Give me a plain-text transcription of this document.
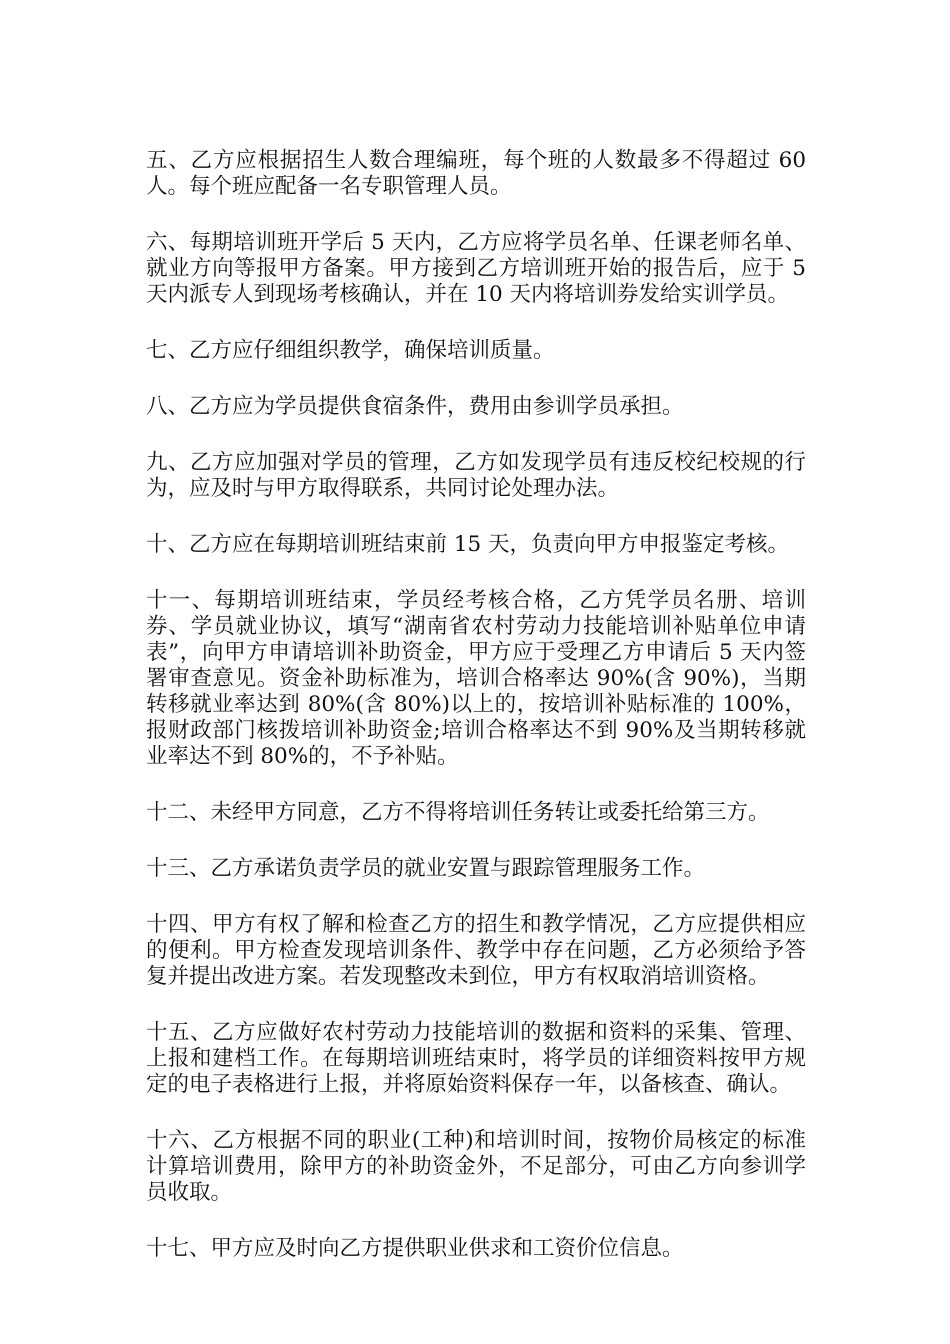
五、乙方应根据招生人数合理编班，每个班的人数最多不得超过 60 人。每个班应配备一名专职管理人员。

六、每期培训班开学后 5 天内，乙方应将学员名单、任课老师名单、就业方向等报甲方备案。甲方接到乙方培训班开始的报告后，应于 5 天内派专人到现场考核确认，并在 10 天内将培训券发给实训学员。

七、乙方应仔细组织教学，确保培训质量。

八、乙方应为学员提供食宿条件，费用由参训学员承担。

九、乙方应加强对学员的管理，乙方如发现学员有违反校纪校规的行为，应及时与甲方取得联系，共同讨论处理办法。

十、乙方应在每期培训班结束前 15 天，负责向甲方申报鉴定考核。

十一、每期培训班结束，学员经考核合格，乙方凭学员名册、培训券、学员就业协议，填写“湖南省农村劳动力技能培训补贴单位申请表”，向甲方申请培训补助资金，甲方应于受理乙方申请后 5 天内签署审查意见。资金补助标准为，培训合格率达 90%(含 90%)，当期转移就业率达到 80%(含 80%)以上的，按培训补贴标准的 100%，报财政部门核拨培训补助资金;培训合格率达不到 90%及当期转移就业率达不到 80%的，不予补贴。

十二、未经甲方同意，乙方不得将培训任务转让或委托给第三方。

十三、乙方承诺负责学员的就业安置与跟踪管理服务工作。

十四、甲方有权了解和检查乙方的招生和教学情况，乙方应提供相应的便利。甲方检查发现培训条件、教学中存在问题，乙方必须给予答复并提出改进方案。若发现整改未到位，甲方有权取消培训资格。

十五、乙方应做好农村劳动力技能培训的数据和资料的采集、管理、上报和建档工作。在每期培训班结束时，将学员的详细资料按甲方规定的电子表格进行上报，并将原始资料保存一年，以备核查、确认。

十六、乙方根据不同的职业(工种)和培训时间，按物价局核定的标准计算培训费用，除甲方的补助资金外，不足部分，可由乙方向参训学员收取。

十七、甲方应及时向乙方提供职业供求和工资价位信息。
